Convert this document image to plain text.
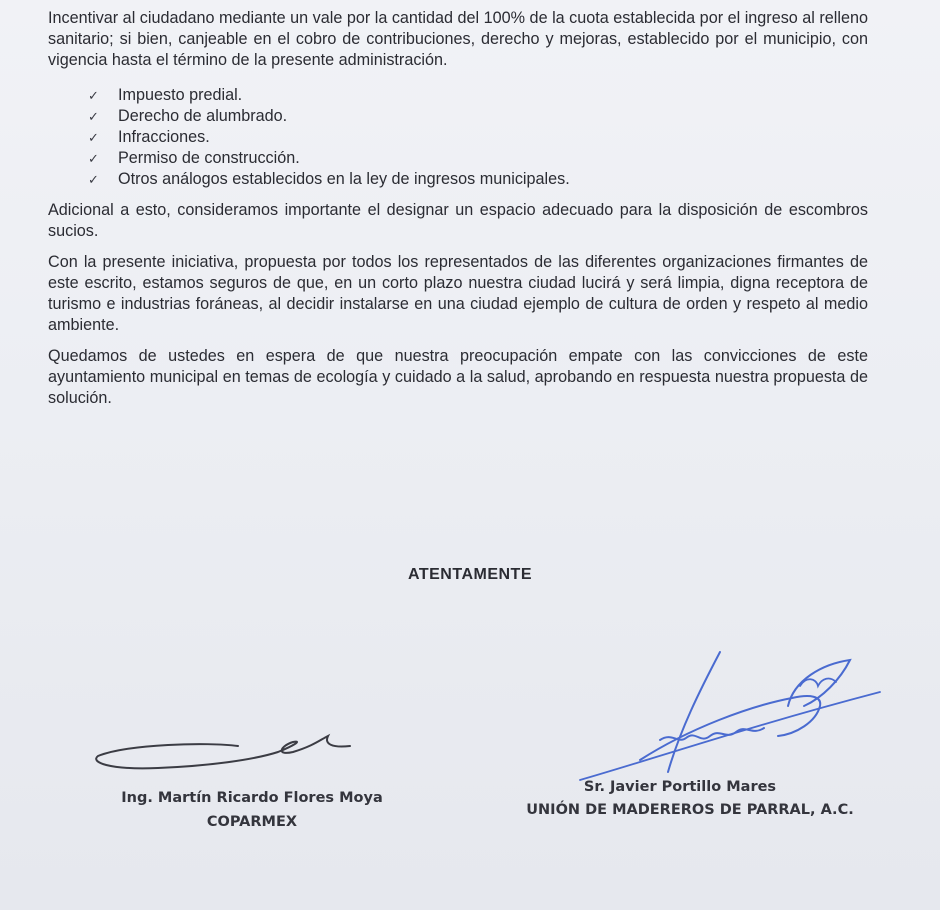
Incentivar al ciudadano mediante un vale por la cantidad del 100% de la cuota establecida por el ingreso al relleno sanitario; si bien, canjeable en el cobro de contribuciones, derecho y mejoras, establecido por el municipio, con vigencia hasta el término de la presente administración.

✓	Impuesto predial.
✓	Derecho de alumbrado.
✓	Infracciones.
✓	Permiso de construcción.
✓	Otros análogos establecidos en la ley de ingresos municipales.

Adicional a esto, consideramos importante el designar un espacio adecuado para la disposición de escombros sucios.

Con la presente iniciativa, propuesta por todos los representados de las diferentes organizaciones firmantes de este escrito, estamos seguros de que, en un corto plazo nuestra ciudad lucirá y será limpia, digna receptora de turismo e industrias foráneas, al decidir instalarse en una ciudad ejemplo de cultura de orden y respeto al medio ambiente.

Quedamos de ustedes en espera de que nuestra preocupación empate con las convicciones de este ayuntamiento municipal en temas de ecología y cuidado a la salud, aprobando en respuesta nuestra propuesta de solución.

ATENTAMENTE
Ing. Martín Ricardo Flores Moya
COPARMEX
Sr. Javier Portillo Mares
UNIÓN DE MADEREROS DE PARRAL, A.C.
